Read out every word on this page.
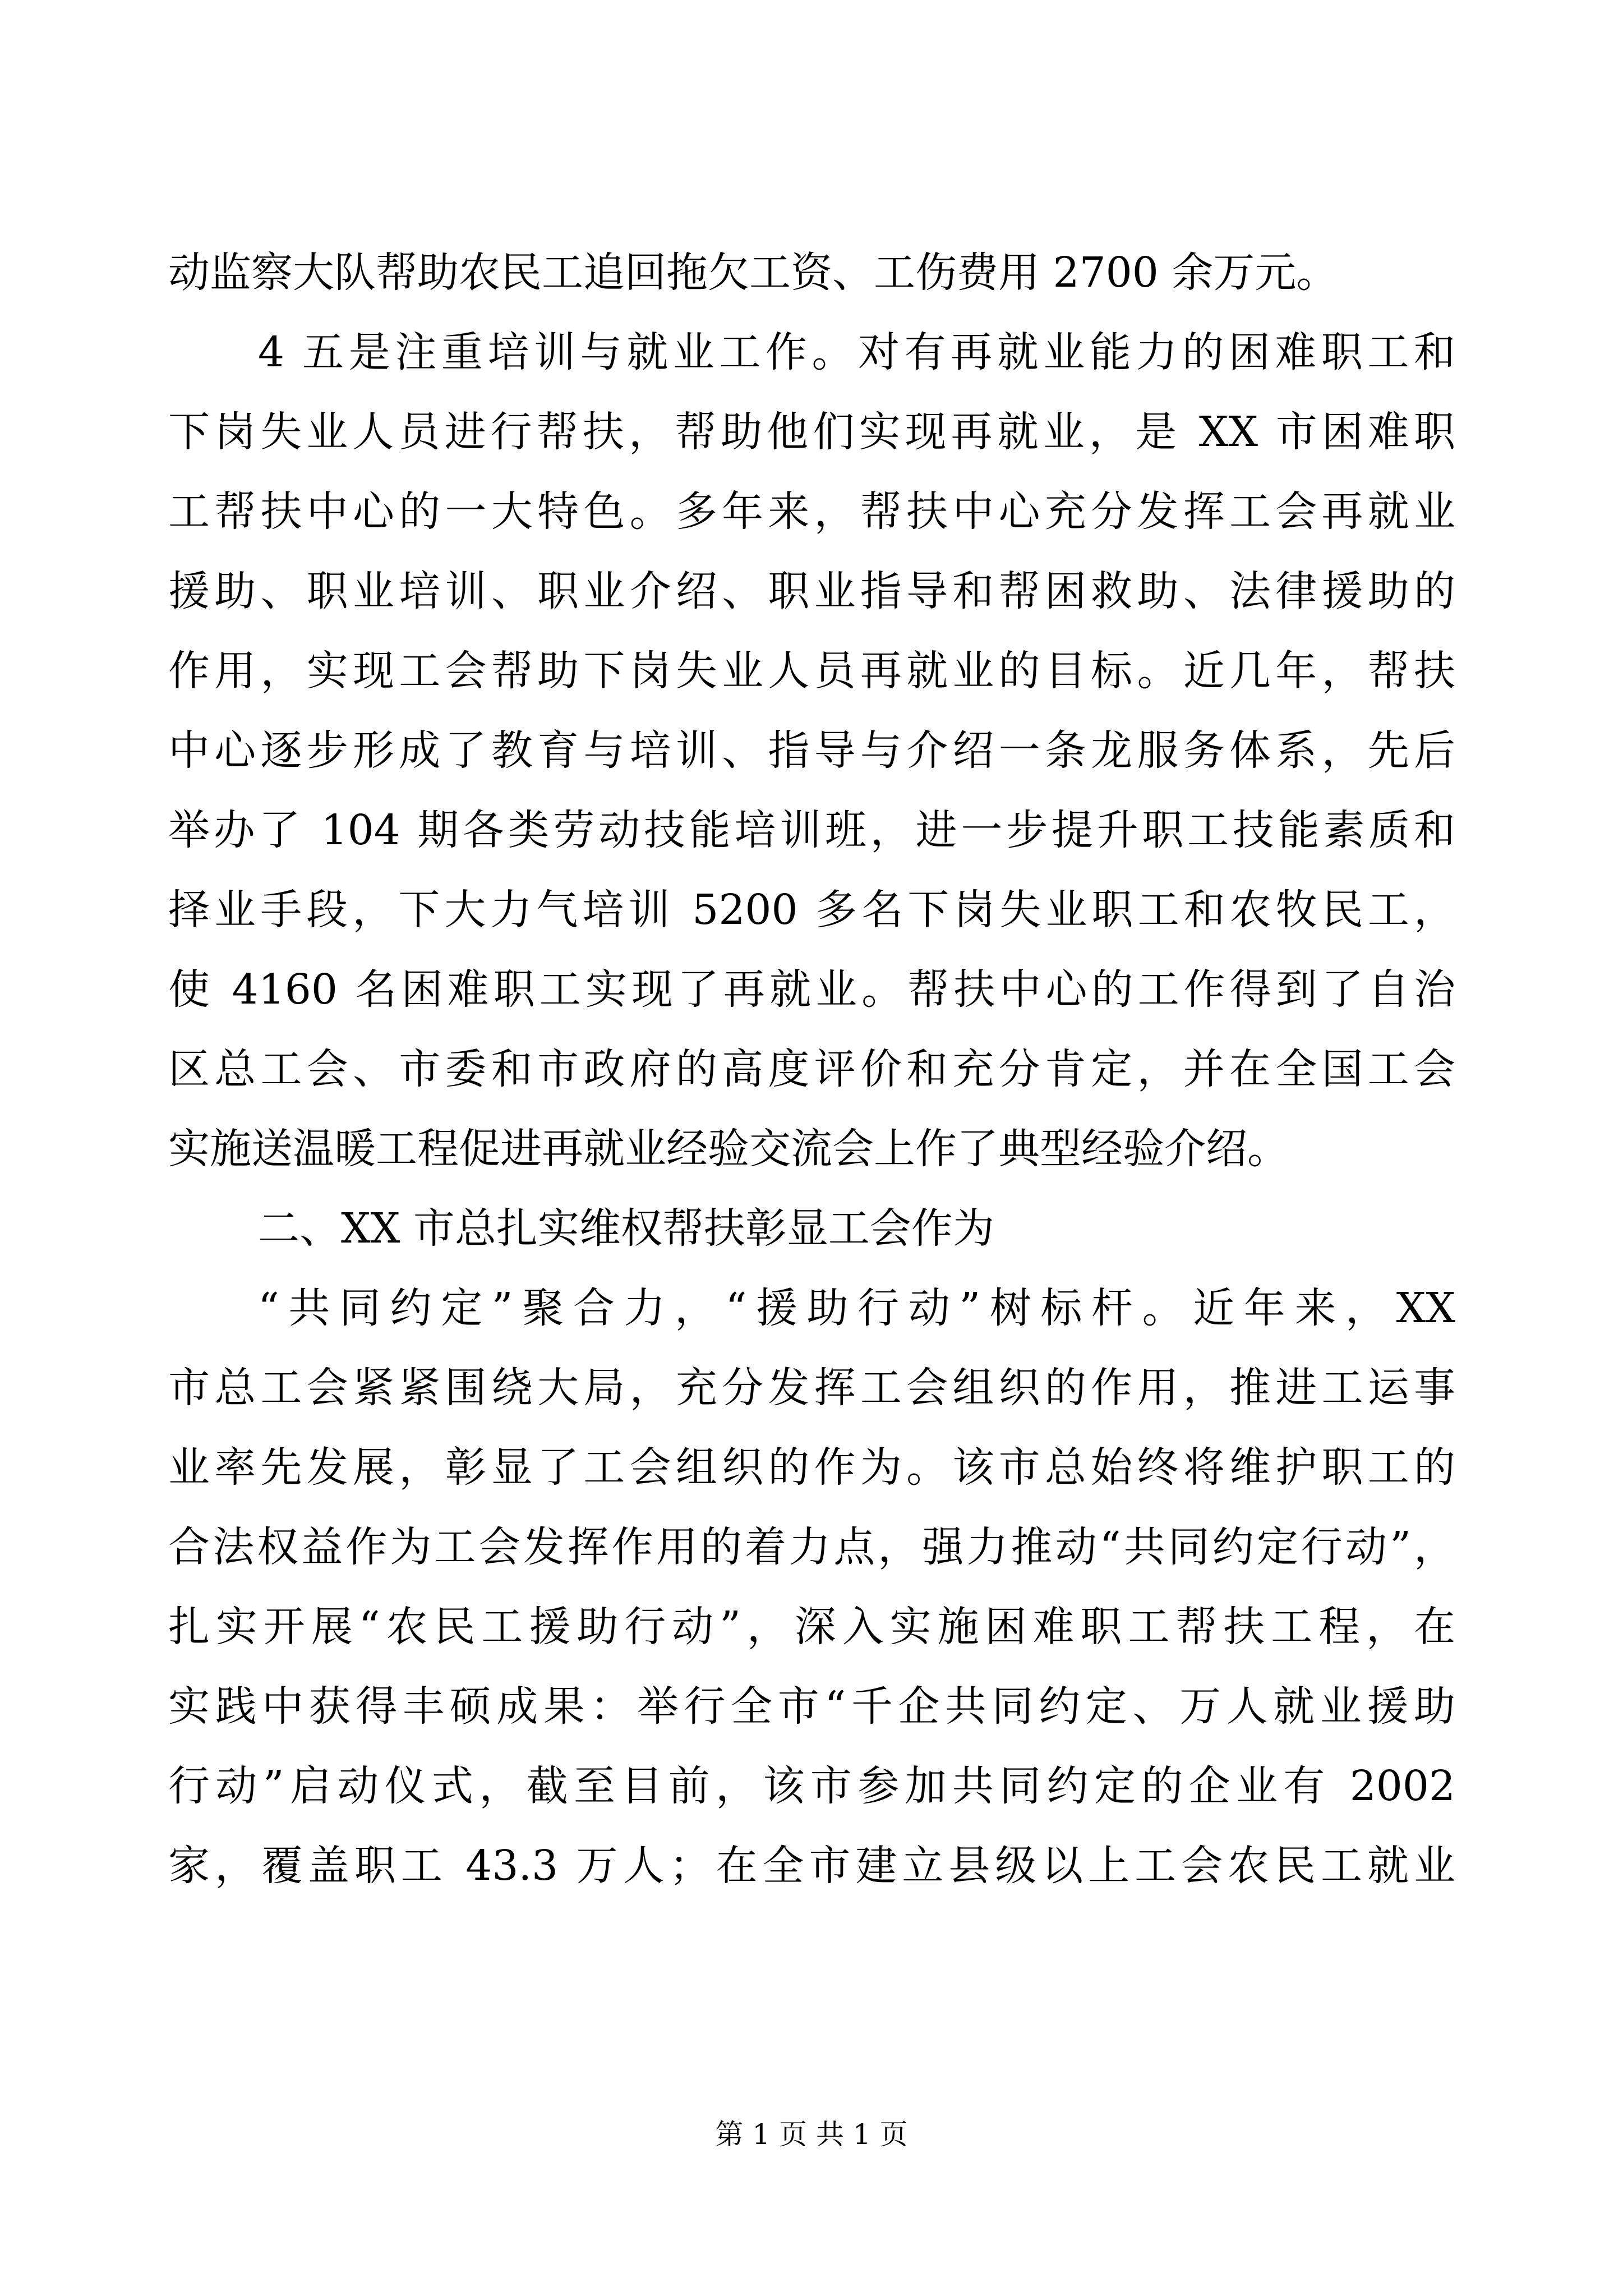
动监察大队帮助农民工追回拖欠工资、工伤费用 2700 余万元。
4 五是注重培训与就业工作。对有再就业能力的困难职工和
下岗失业人员进行帮扶，帮助他们实现再就业，是 XX 市困难职
工帮扶中心的一大特色。多年来，帮扶中心充分发挥工会再就业
援助、职业培训、职业介绍、职业指导和帮困救助、法律援助的
作用，实现工会帮助下岗失业人员再就业的目标。近几年，帮扶
中心逐步形成了教育与培训、指导与介绍一条龙服务体系，先后
举办了 104 期各类劳动技能培训班，进一步提升职工技能素质和
择业手段，下大力气培训 5200 多名下岗失业职工和农牧民工，
使 4160 名困难职工实现了再就业。帮扶中心的工作得到了自治
区总工会、市委和市政府的高度评价和充分肯定，并在全国工会
实施送温暖工程促进再就业经验交流会上作了典型经验介绍。
二、XX 市总扎实维权帮扶彰显工会作为
“共同约定”聚合力，“援助行动”树标杆。近年来，XX
市总工会紧紧围绕大局，充分发挥工会组织的作用，推进工运事
业率先发展，彰显了工会组织的作为。该市总始终将维护职工的
合法权益作为工会发挥作用的着力点，强力推动“共同约定行动”，
扎实开展“农民工援助行动”，深入实施困难职工帮扶工程，在
实践中获得丰硕成果：举行全市“千企共同约定、万人就业援助
行动”启动仪式，截至目前，该市参加共同约定的企业有 2002
家，覆盖职工 43.3 万人；在全市建立县级以上工会农民工就业
第 1 页 共 1 页
